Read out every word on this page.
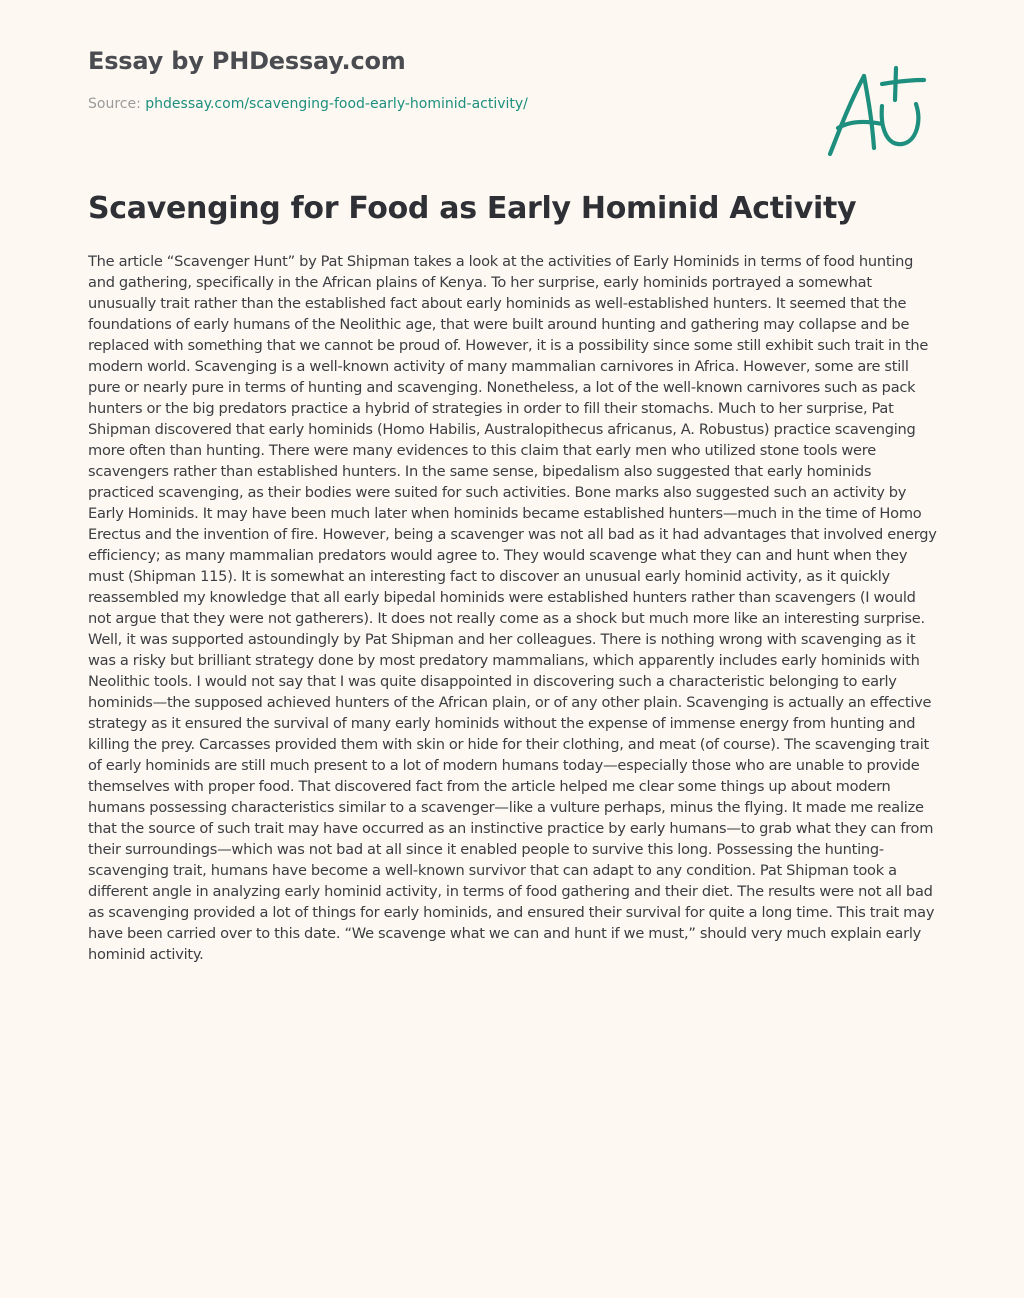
Essay by PHDessay.com
Source: phdessay.com/scavenging-food-early-hominid-activity/
Scavenging for Food as Early Hominid Activity

The article “Scavenger Hunt” by Pat Shipman takes a look at the activities of Early Hominids in terms of food hunting and gathering, specifically in the African plains of Kenya. To her surprise, early hominids portrayed a somewhat unusually trait rather than the established fact about early hominids as well-established hunters. It seemed that the foundations of early humans of the Neolithic age, that were built around hunting and gathering may collapse and be replaced with something that we cannot be proud of. However, it is a possibility since some still exhibit such trait in the modern world. Scavenging is a well-known activity of many mammalian carnivores in Africa. However, some are still pure or nearly pure in terms of hunting and scavenging. Nonetheless, a lot of the well-known carnivores such as pack hunters or the big predators practice a hybrid of strategies in order to fill their stomachs. Much to her surprise, Pat Shipman discovered that early hominids (Homo Habilis, Australopithecus africanus, A. Robustus) practice scavenging more often than hunting. There were many evidences to this claim that early men who utilized stone tools were scavengers rather than established hunters. In the same sense, bipedalism also suggested that early hominids practiced scavenging, as their bodies were suited for such activities. Bone marks also suggested such an activity by Early Hominids. It may have been much later when hominids became established hunters—much in the time of Homo Erectus and the invention of fire. However, being a scavenger was not all bad as it had advantages that involved energy efficiency; as many mammalian predators would agree to. They would scavenge what they can and hunt when they must (Shipman 115). It is somewhat an interesting fact to discover an unusual early hominid activity, as it quickly reassembled my knowledge that all early bipedal hominids were established hunters rather than scavengers (I would not argue that they were not gatherers). It does not really come as a shock but much more like an interesting surprise. Well, it was supported astoundingly by Pat Shipman and her colleagues. There is nothing wrong with scavenging as it was a risky but brilliant strategy done by most predatory mammalians, which apparently includes early hominids with Neolithic tools. I would not say that I was quite disappointed in discovering such a characteristic belonging to early hominids—the supposed achieved hunters of the African plain, or of any other plain. Scavenging is actually an effective strategy as it ensured the survival of many early hominids without the expense of immense energy from hunting and killing the prey. Carcasses provided them with skin or hide for their clothing, and meat (of course). The scavenging trait of early hominids are still much present to a lot of modern humans today—especially those who are unable to provide themselves with proper food. That discovered fact from the article helped me clear some things up about modern humans possessing characteristics similar to a scavenger—like a vulture perhaps, minus the flying. It made me realize that the source of such trait may have occurred as an instinctive practice by early humans—to grab what they can from their surroundings—which was not bad at all since it enabled people to survive this long. Possessing the hunting-scavenging trait, humans have become a well-known survivor that can adapt to any condition. Pat Shipman took a different angle in analyzing early hominid activity, in terms of food gathering and their diet. The results were not all bad as scavenging provided a lot of things for early hominids, and ensured their survival for quite a long time. This trait may have been carried over to this date. “We scavenge what we can and hunt if we must,” should very much explain early hominid activity.
